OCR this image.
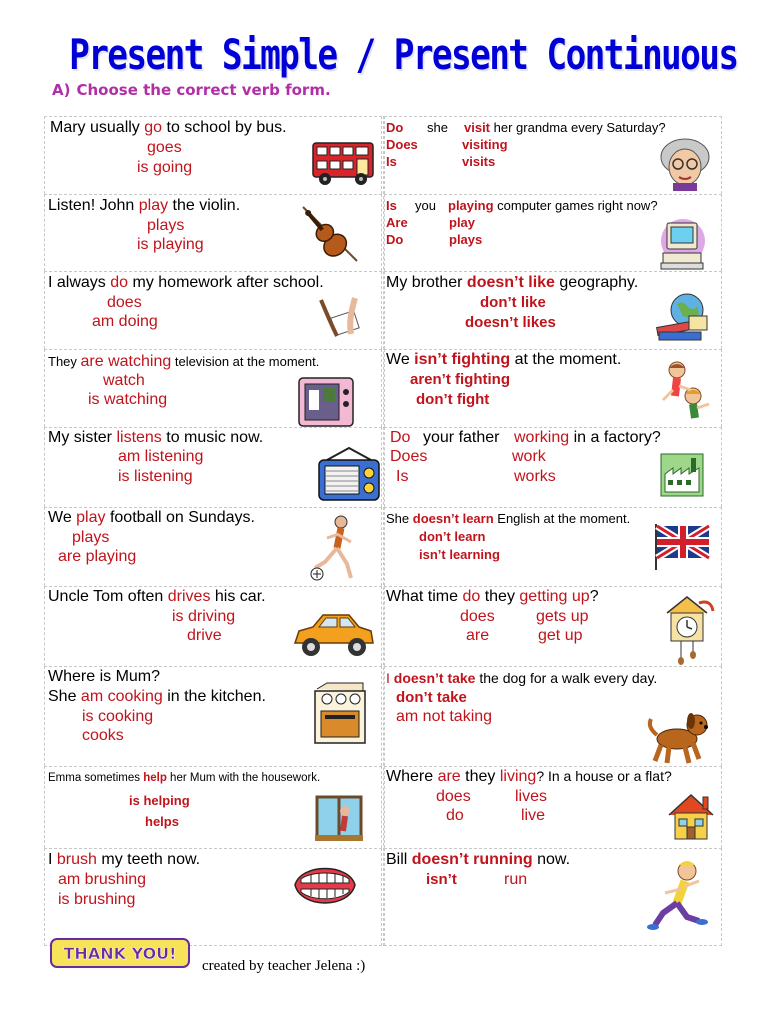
Present Simple / Present Continuous
A) Choose the correct verb form.
Mary usually go to school by bus.
goes
is going
Listen! John play the violin.
plays
is playing
I always do my homework after school.
does
am doing
They are watching television at the moment.
watch
is watching
My sister listens to music now.
am listening
is listening
We play football on Sundays.
plays
are playing
Uncle Tom often drives his car.
is driving
drive
Where is Mum?
She am cooking in the kitchen.
is cooking
cooks
Emma sometimes help her Mum with the housework.
is helping
helps
I brush my teeth now.
am brushing
is brushing
Do she visit her grandma every Saturday?
Does	visiting
Is	visits
Is you playing computer games right now?
Are	play
Do	plays
My brother doesn’t like geography.
don’t like
doesn’t likes
We isn’t fighting at the moment.
aren’t fighting
don’t fight
Do your father working in a factory?
Does	work
Is	works
She doesn’t learn English at the moment.
don’t learn
isn’t learning
What time do they getting up?
does	gets up
are	get up
I doesn’t take the dog for a walk every day.
don’t take
am not taking
Where are they living? In a house or a flat?
does	lives
do	live
Bill doesn’t running now.
isn’t	run
THANK YOU!
created by teacher Jelena :)
